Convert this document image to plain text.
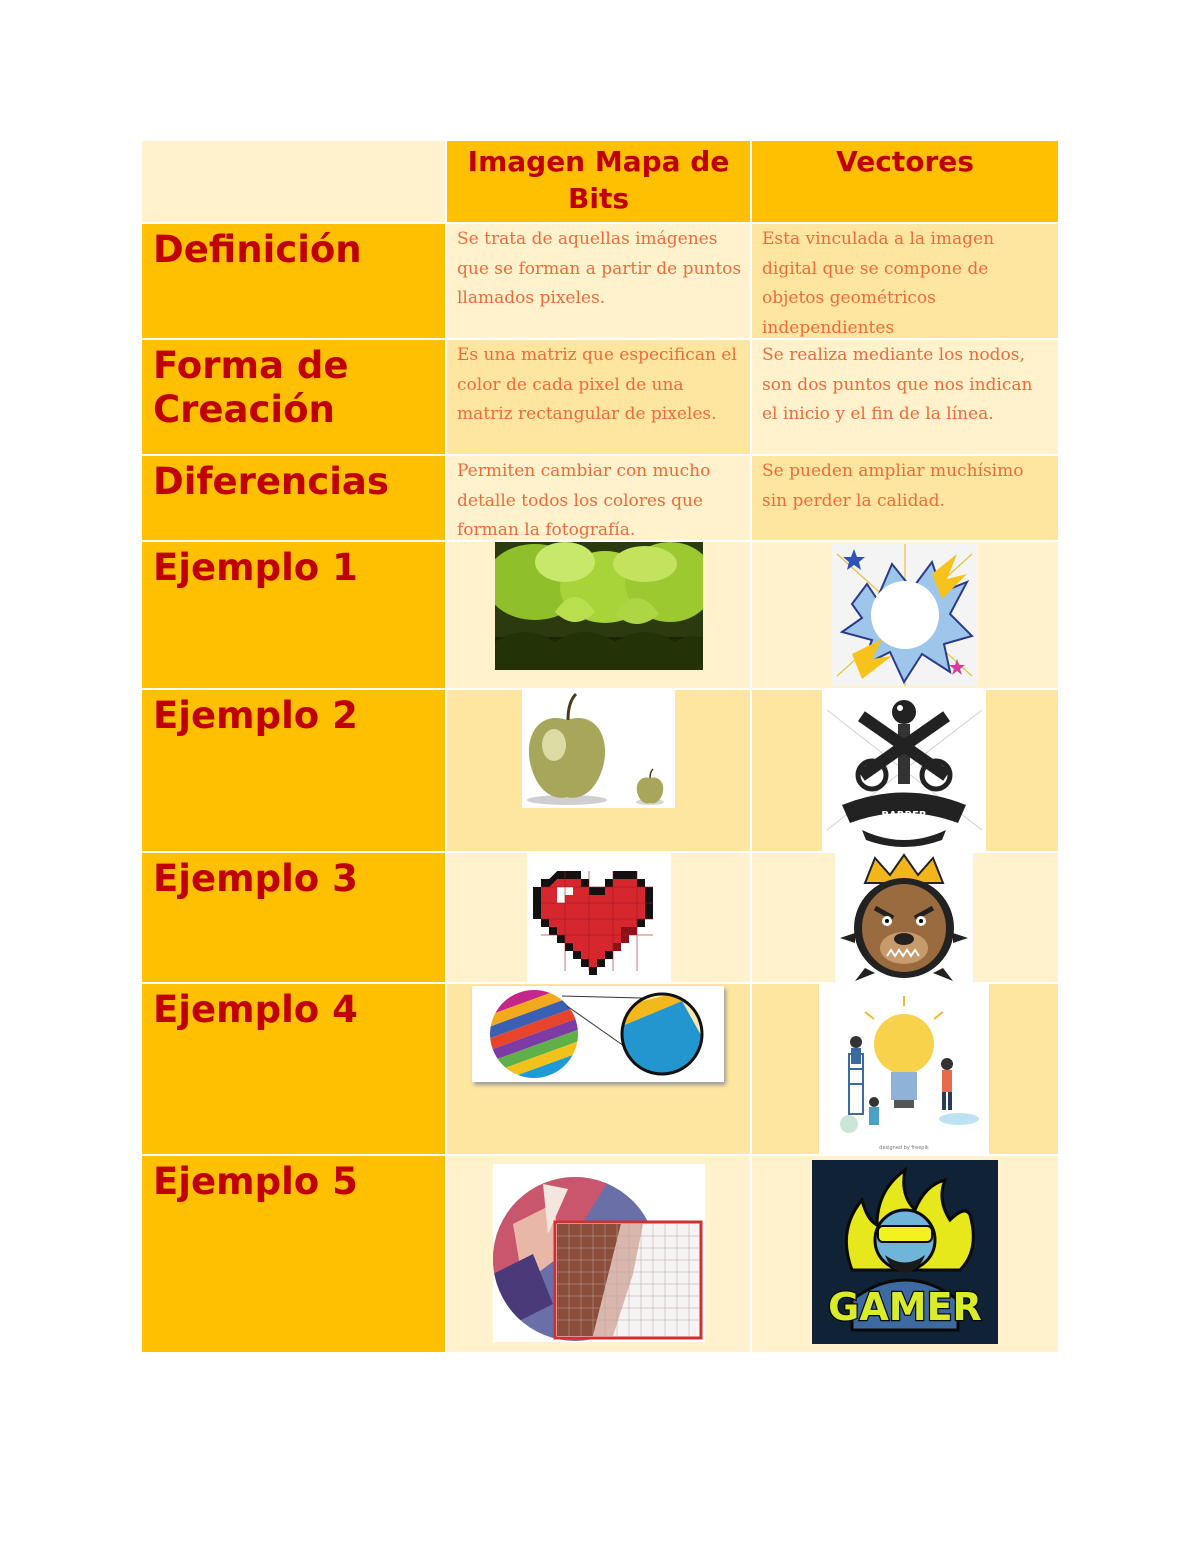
Imagen Mapa de Bits
Vectores
Definición	Se trata de aquellas imágenes que se forman a partir de puntos llamados pixeles.
Esta vinculada a la imagen digital que se compone de objetos geométricos independientes
Forma de Creación
Es una matriz que especifican el color de cada pixel de una matriz rectangular de pixeles.
Se realiza mediante los nodos, son dos puntos que nos indican el inicio y el fin de la línea.
Diferencias	Permiten cambiar con mucho detalle todos los colores que forman la fotografía.
Se pueden ampliar muchísimo sin perder la calidad.
Ejemplo 1
Ejemplo 2
BARBER
Ejemplo 3
Ejemplo 4
designed by freepik
Ejemplo 5
GAMER
